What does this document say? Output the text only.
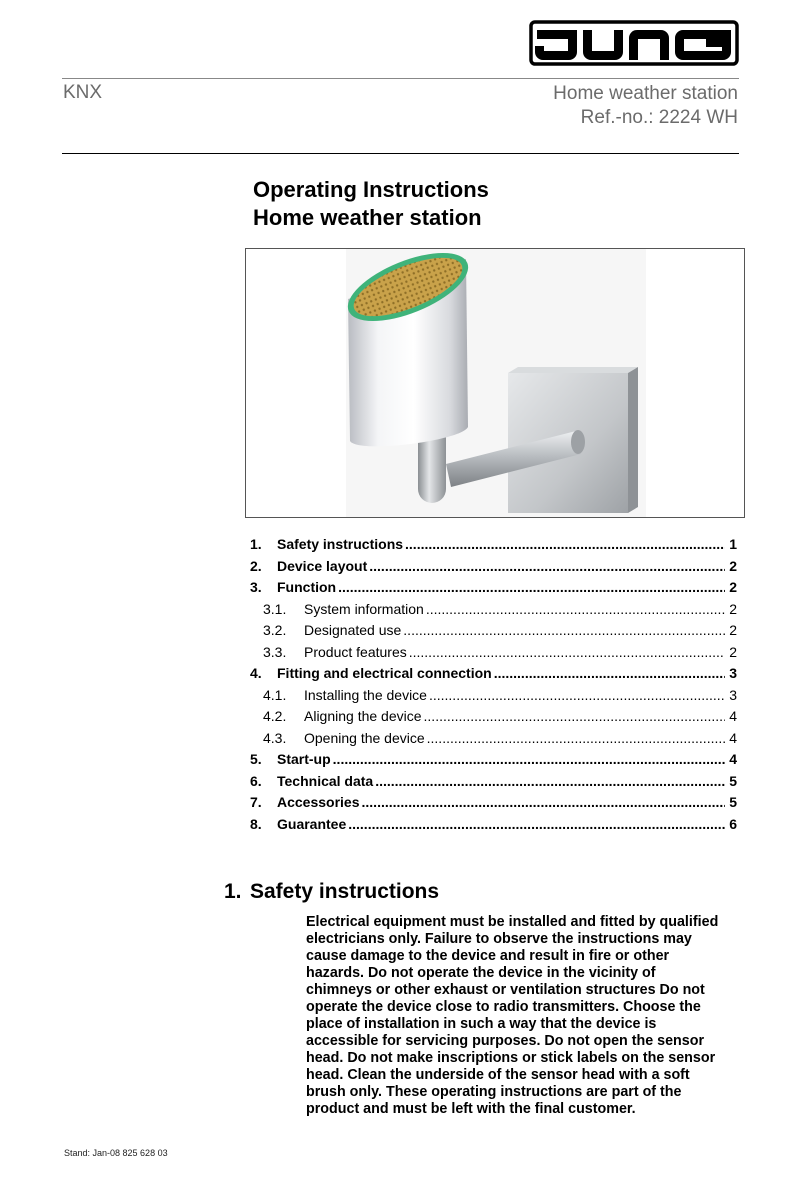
KNX	Home weather station
Ref.-no.: 2224 WH
Operating Instructions
Home weather station
1.	Safety instructions .....	1
2.	Device layout .....	2
3.	Function .....	2
3.1.	System information .....	2
3.2.	Designated use .....	2
3.3.	Product features .....	2
4.	Fitting and electrical connection .....	3
4.1.	Installing the device .....	3
4.2.	Aligning the device .....	4
4.3.	Opening the device .....	4
5.	Start-up .....	4
6.	Technical data .....	5
7.	Accessories .....	5
8.	Guarantee .....	6
1. Safety instructions
Electrical equipment must be installed and fitted by qualified
electricians only. Failure to observe the instructions may
cause damage to the device and result in fire or other
hazards. Do not operate the device in the vicinity of
chimneys or other exhaust or ventilation structures Do not
operate the device close to radio transmitters. Choose the
place of installation in such a way that the device is
accessible for servicing purposes. Do not open the sensor
head. Do not make inscriptions or stick labels on the sensor
head. Clean the underside of the sensor head with a soft
brush only. These operating instructions are part of the
product and must be left with the final customer.
Stand: Jan-08 825 628 03
